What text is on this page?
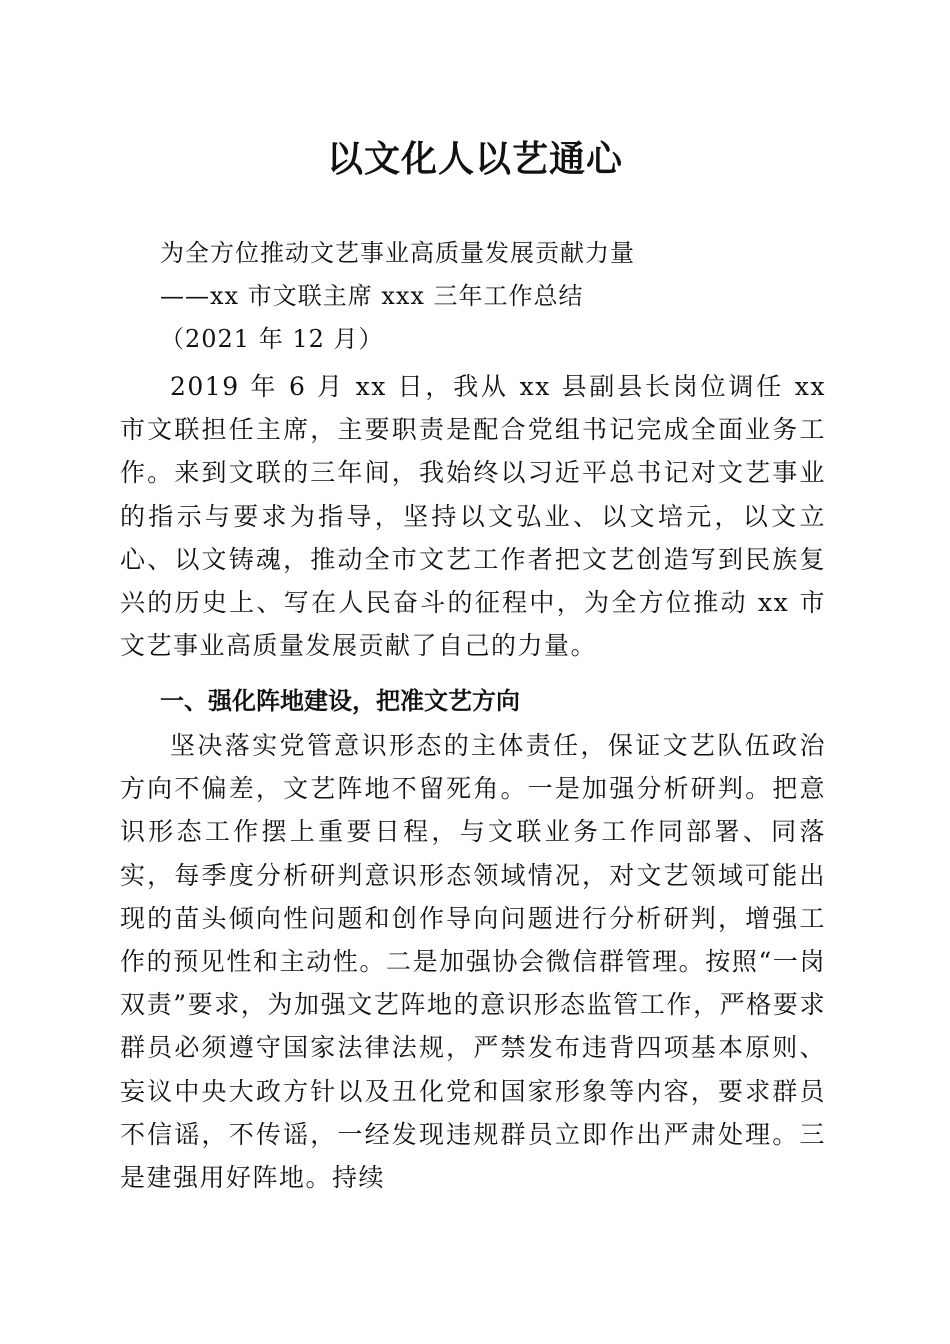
以文化人以艺通心
为全方位推动文艺事业高质量发展贡献力量
——xx 市文联主席 xxx 三年工作总结
（2021 年 12 月）

2019 年 6 月 xx 日，我从 xx 县副县长岗位调任 xx 市文联担任主席，主要职责是配合党组书记完成全面业务工作。来到文联的三年间，我始终以习近平总书记对文艺事业的指示与要求为指导，坚持以文弘业、以文培元，以文立心、以文铸魂，推动全市文艺工作者把文艺创造写到民族复兴的历史上、写在人民奋斗的征程中，为全方位推动 xx 市文艺事业高质量发展贡献了自己的力量。

一、强化阵地建设，把准文艺方向

坚决落实党管意识形态的主体责任，保证文艺队伍政治方向不偏差，文艺阵地不留死角。一是加强分析研判。把意识形态工作摆上重要日程，与文联业务工作同部署、同落实，每季度分析研判意识形态领域情况，对文艺领域可能出现的苗头倾向性问题和创作导向问题进行分析研判，增强工作的预见性和主动性。二是加强协会微信群管理。按照“一岗双责”要求，为加强文艺阵地的意识形态监管工作，严格要求群员必须遵守国家法律法规，严禁发布违背四项基本原则、妄议中央大政方针以及丑化党和国家形象等内容，要求群员不信谣，不传谣，一经发现违规群员立即作出严肃处理。三是建强用好阵地。持续
